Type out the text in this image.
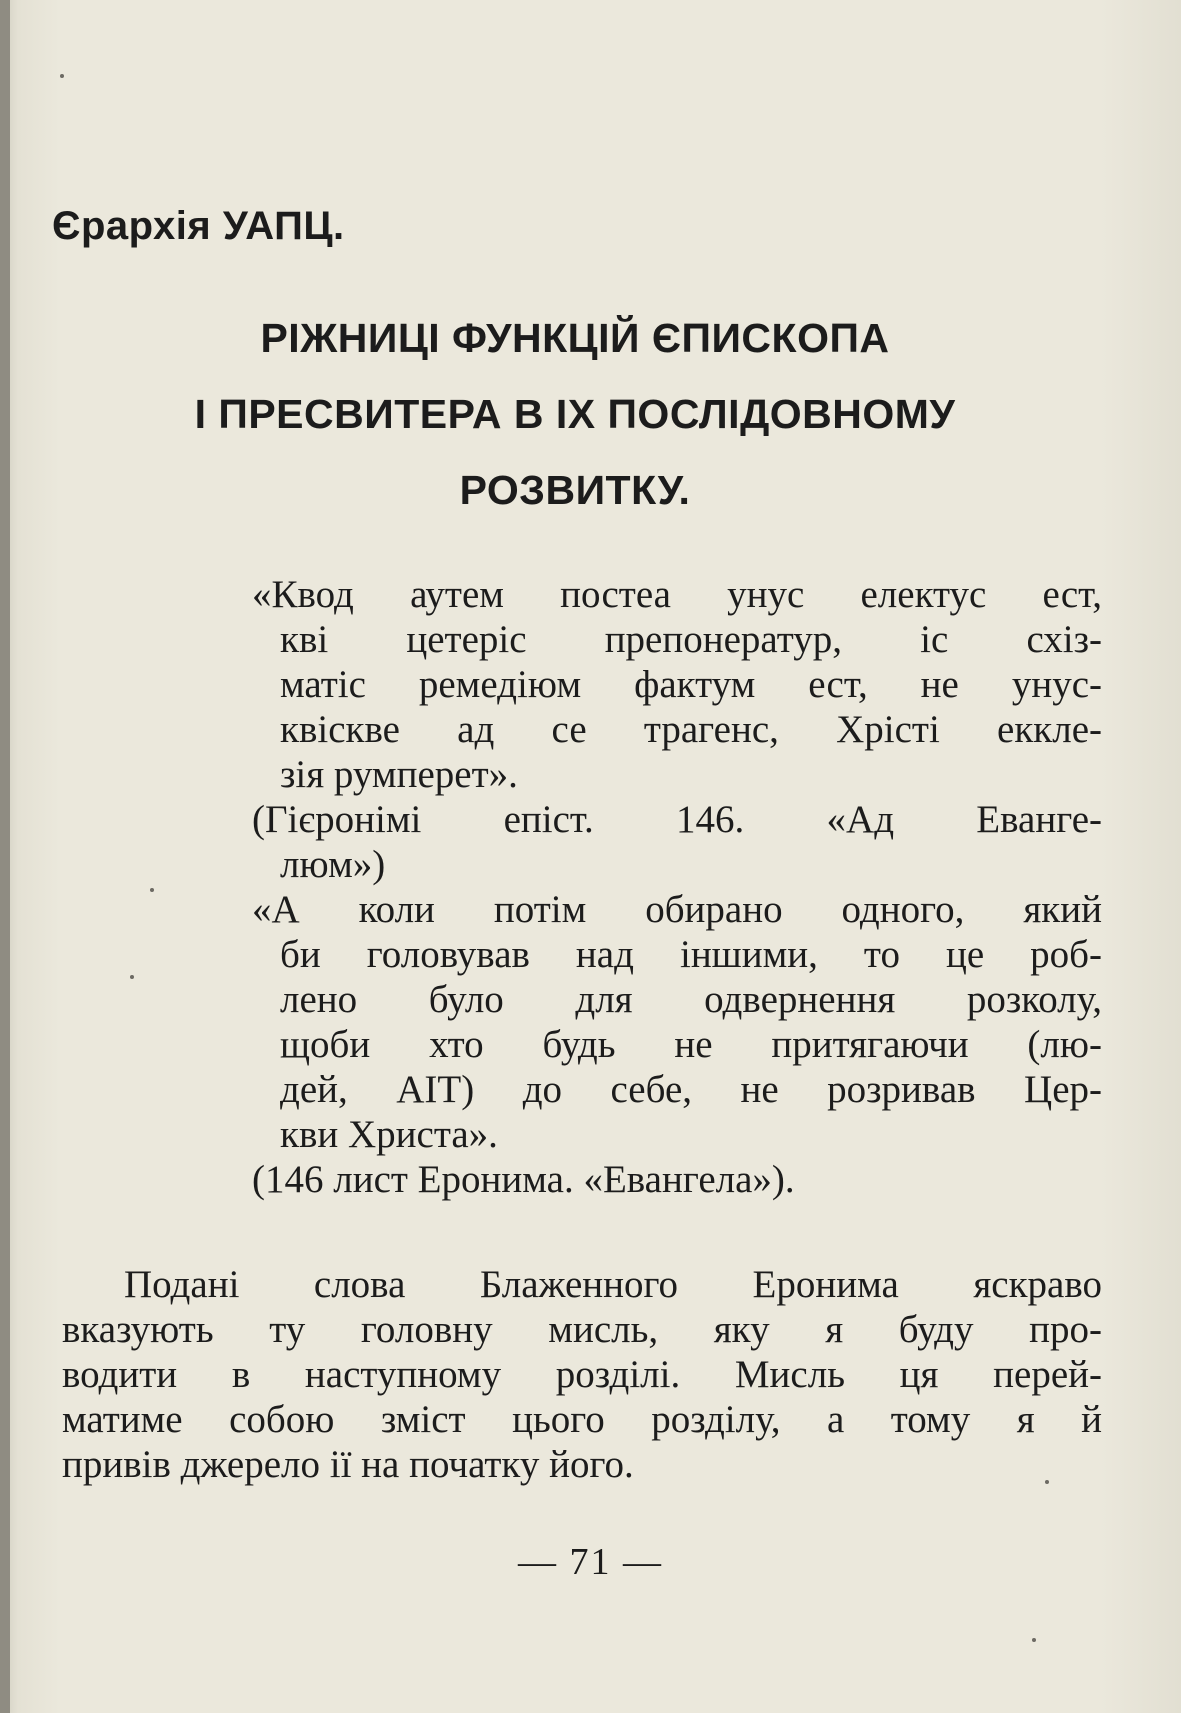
Єрархія УАПЦ.
РІЖНИЦІ ФУНКЦІЙ ЄПИСКОПА
І ПРЕСВИТЕРА В ІХ ПОСЛІДОВНОМУ
РОЗВИТКУ.
«Квод аутем постеа унус електус ест,
кві цетеріс препонератур, іс схіз-
матіс ремедіюм фактум ест, не унус-
квіскве ад се трагенс, Хрісті екклe-
зія румперет».
(Гієронімі епіст. 146. «Ад Еванге-
люм»)
«А коли потім обирано одного, який
би головував над іншими, то це роб-
лено було для одвернення розколу,
щоби хто будь не притягаючи (лю-
дей, АІТ) до себе, не розривав Цер-
кви Христа».
(146 лист Еронима. «Евангела»).
Подані слова Блаженного Еронима яскраво
вказують ту головну мисль, яку я буду про-
водити в наступному розділі. Мисль ця перей-
матиме собою зміст цього розділу, а тому я й
привів джерело ії на початку його.
— 71 —
